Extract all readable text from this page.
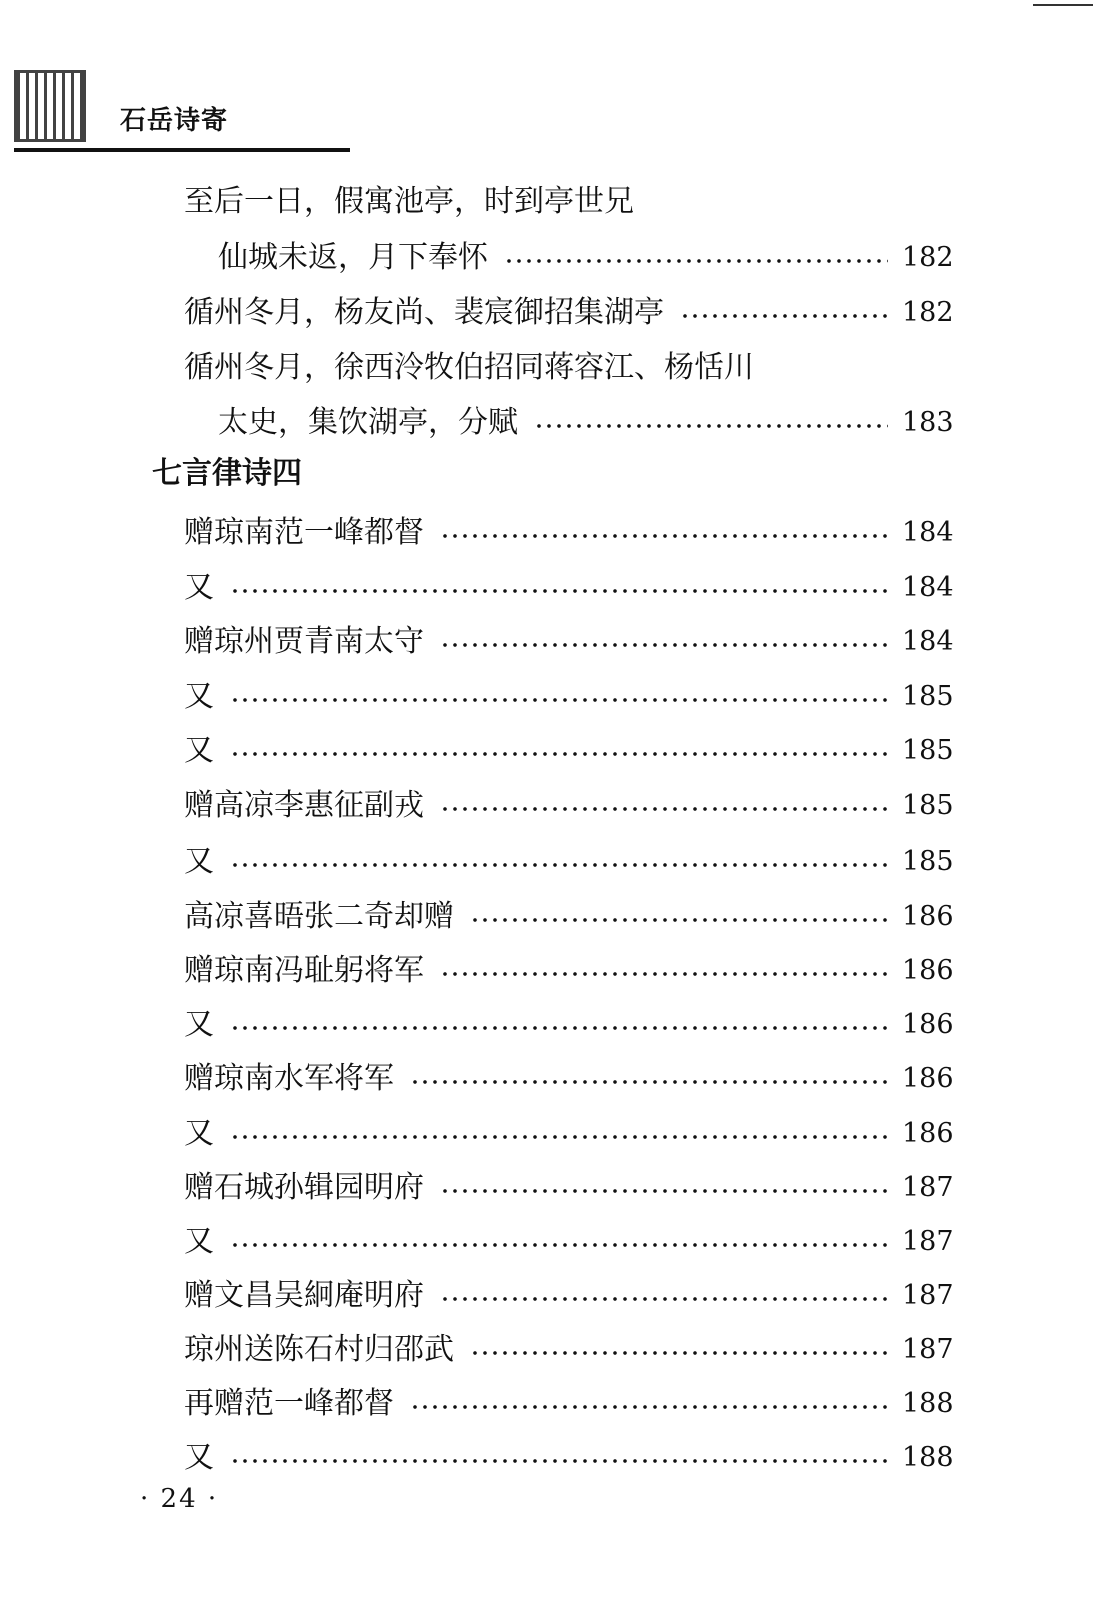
石岳诗寄
至后一日，假寓池亭，时到亭世兄
仙城未返，月下奉怀	182
循州冬月，杨友尚、裴宸御招集湖亭	182
循州冬月，徐西泠牧伯招同蒋容江、杨恬川
太史，集饮湖亭，分赋	183
七言律诗四
赠琼南范一峰都督	184
又	184
赠琼州贾青南太守	184
又	185
又	185
赠高凉李惠征副戎	185
又	185
高凉喜晤张二奇却赠	186
赠琼南冯耻躬将军	186
又	186
赠琼南水军将军	186
又	186
赠石城孙辑园明府	187
又	187
赠文昌吴絅庵明府	187
琼州送陈石村归邵武	187
再赠范一峰都督	188
又	188
· 24 ·
